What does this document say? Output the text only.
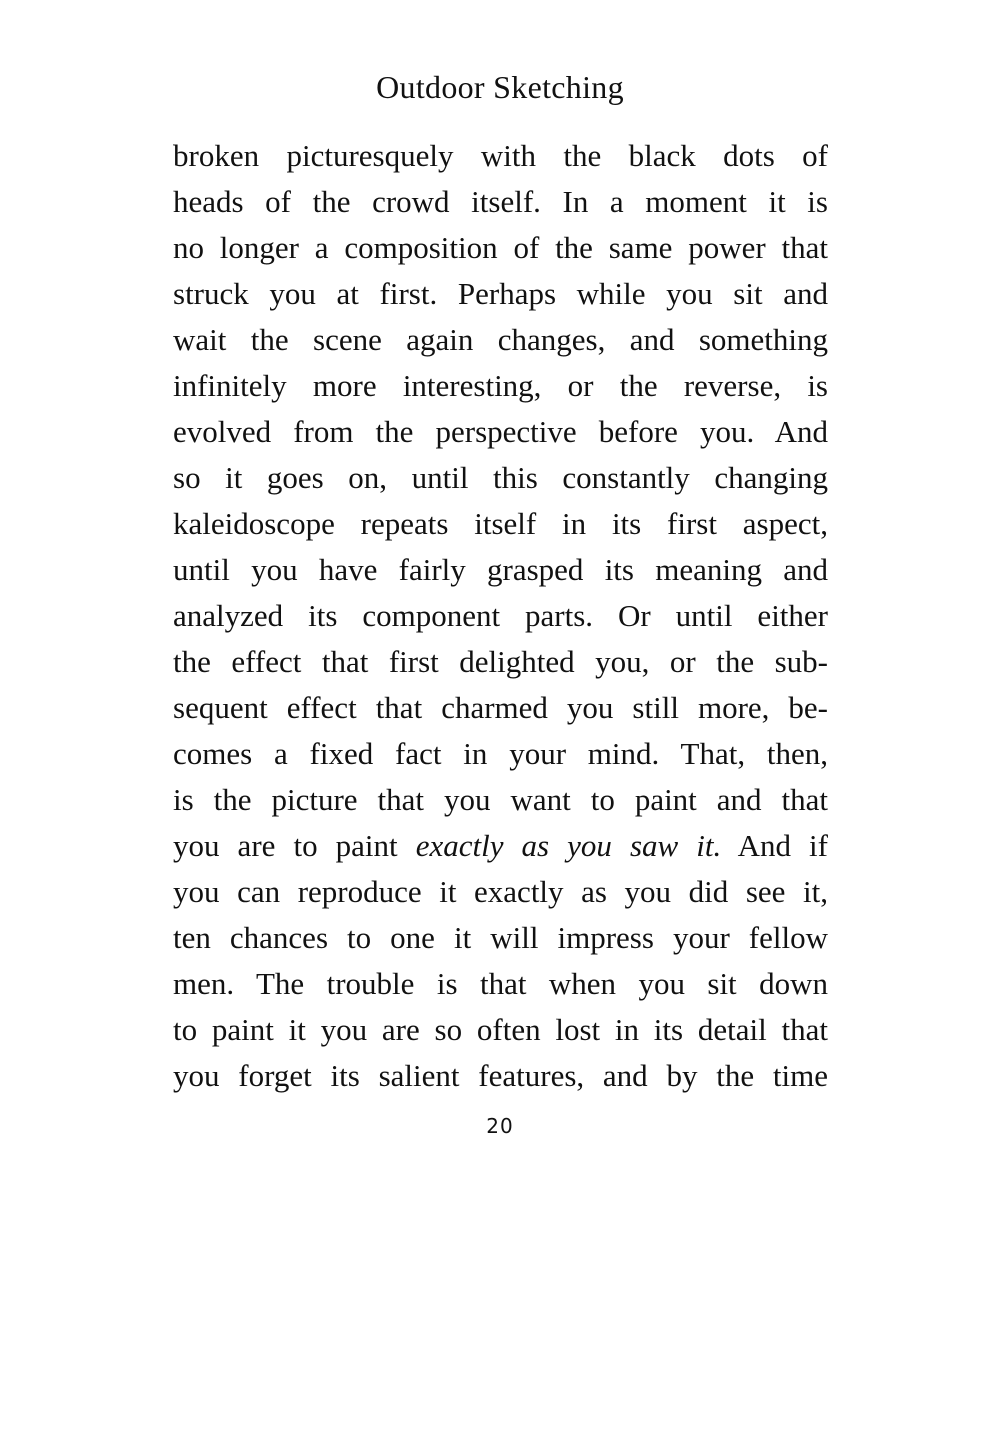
Outdoor Sketching
broken picturesquely with the black dots of
heads of the crowd itself. In a moment it is
no longer a composition of the same power that
struck you at first. Perhaps while you sit and
wait the scene again changes, and something
infinitely more interesting, or the reverse, is
evolved from the perspective before you. And
so it goes on, until this constantly changing
kaleidoscope repeats itself in its first aspect,
until you have fairly grasped its meaning and
analyzed its component parts. Or until either
the effect that first delighted you, or the sub-
sequent effect that charmed you still more, be-
comes a fixed fact in your mind. That, then,
is the picture that you want to paint and that
you are to paint exactly as you saw it. And if
you can reproduce it exactly as you did see it,
ten chances to one it will impress your fellow
men. The trouble is that when you sit down
to paint it you are so often lost in its detail that
you forget its salient features, and by the time
20
